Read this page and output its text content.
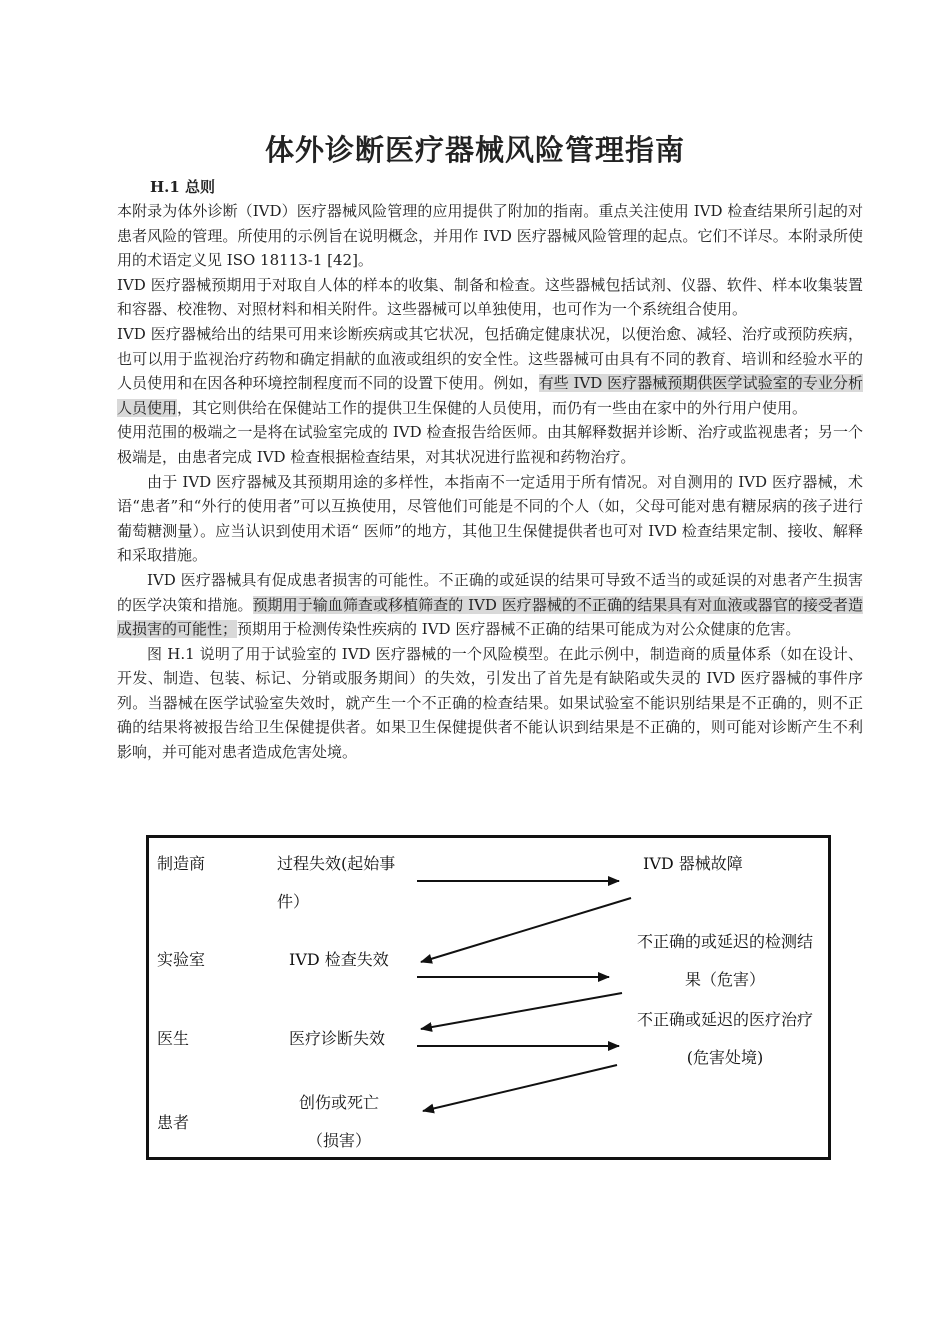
体外诊断医疗器械风险管理指南
H.1 总则

本附录为体外诊断（IVD）医疗器械风险管理的应用提供了附加的指南。重点关注使用 IVD 检查结果所引起的对患者风险的管理。所使用的示例旨在说明概念，并用作 IVD 医疗器械风险管理的起点。它们不详尽。本附录所使用的术语定义见 ISO 18113-1 [42]。

IVD 医疗器械预期用于对取自人体的样本的收集、制备和检查。这些器械包括试剂、仪器、软件、样本收集装置和容器、校准物、对照材料和相关附件。这些器械可以单独使用，也可作为一个系统组合使用。

IVD 医疗器械给出的结果可用来诊断疾病或其它状况，包括确定健康状况，以便治愈、减轻、治疗或预防疾病，也可以用于监视治疗药物和确定捐献的血液或组织的安全性。这些器械可由具有不同的教育、培训和经验水平的人员使用和在因各种环境控制程度而不同的设置下使用。例如，有些 IVD 医疗器械预期供医学试验室的专业分析人员使用，其它则供给在保健站工作的提供卫生保健的人员使用，而仍有一些由在家中的外行用户使用。

使用范围的极端之一是将在试验室完成的 IVD 检查报告给医师。由其解释数据并诊断、治疗或监视患者；另一个极端是，由患者完成 IVD 检查根据检查结果，对其状况进行监视和药物治疗。

由于 IVD 医疗器械及其预期用途的多样性，本指南不一定适用于所有情况。对自测用的 IVD 医疗器械，术语“患者”和“外行的使用者”可以互换使用，尽管他们可能是不同的个人（如，父母可能对患有糖尿病的孩子进行葡萄糖测量）。应当认识到使用术语“ 医师”的地方，其他卫生保健提供者也可对 IVD 检查结果定制、接收、解释和采取措施。

IVD 医疗器械具有促成患者损害的可能性。不正确的或延误的结果可导致不适当的或延误的对患者产生损害的医学决策和措施。预期用于输血筛查或移植筛查的 IVD 医疗器械的不正确的结果具有对血液或器官的接受者造成损害的可能性；预期用于检测传染性疾病的 IVD 医疗器械不正确的结果可能成为对公众健康的危害。

图 H.1 说明了用于试验室的 IVD 医疗器械的一个风险模型。在此示例中，制造商的质量体系（如在设计、开发、制造、包装、标记、分销或服务期间）的失效，引发出了首先是有缺陷或失灵的 IVD 医疗器械的事件序列。当器械在医学试验室失效时，就产生一个不正确的检查结果。如果试验室不能识别结果是不正确的，则不正确的结果将被报告给卫生保健提供者。如果卫生保健提供者不能认识到结果是不正确的，则可能对诊断产生不利影响，并可能对患者造成危害处境。

制造商
实验室
医生
患者
过程失效(起始事
件）
IVD 器械故障
IVD 检查失效
不正确的或延迟的检测结
果（危害）
医疗诊断失效
不正确或延迟的医疗治疗
(危害处境)
创伤或死亡
（损害）
